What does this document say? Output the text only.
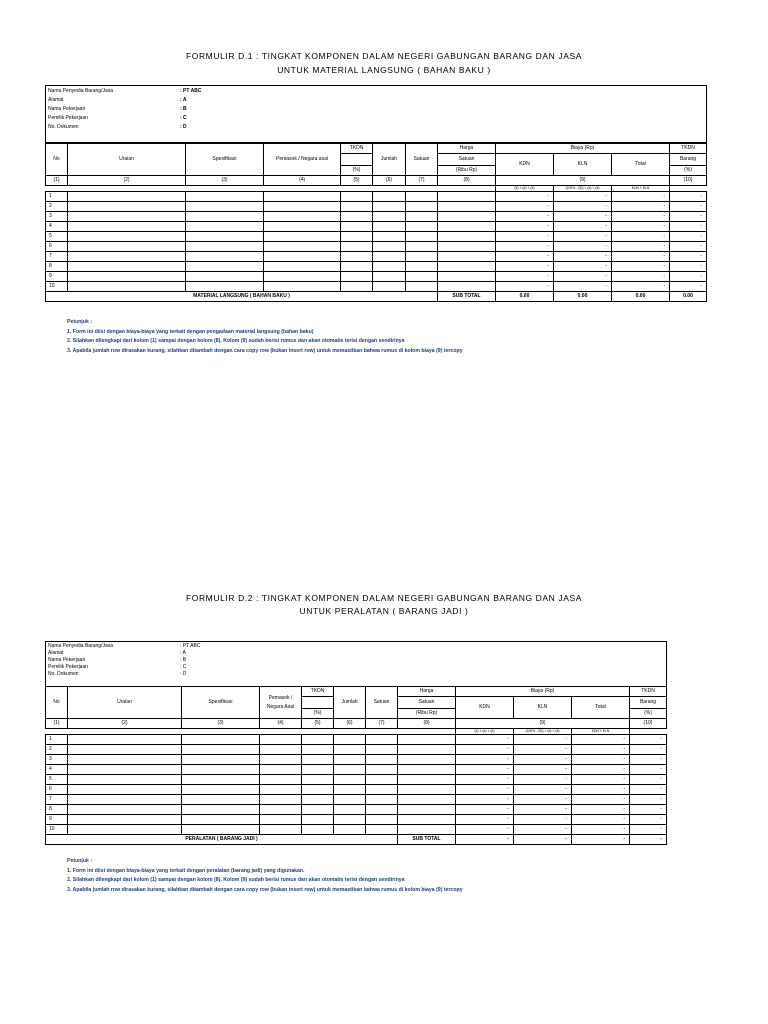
FORMULIR D.1 : TINGKAT KOMPONEN DALAM NEGERI GABUNGAN BARANG DAN JASA
UNTUK MATERIAL LANGSUNG ( BAHAN BAKU )
Nama Penyedia Barang/Jasa	: PT ABC
Alamat	: A
Nama Pekerjaan	: B
Pemilik Pekerjaan	: C
No. Dokumen	: D
No	Uraian	Spesifikasi	Pemasok / Negara asal	TKDN	Jumlah	Satuan	Harga	Biaya (Rp)			TKDN
							Satuan	KDN	KLN	Total	Barang
				(%)			(Ribu Rp)				(%)
(1)	(2)	(3)	(4)	(5)	(6)	(7)	(8)	(9)			(10)
								(5) × (6) × (8)	(100% - (5)) × (6) × (8)	KDN + KLN	
1								-	-	-	-
2								-	-	-	-
3								-	-	-	-
4								-	-	-	-
5								-	-	-	-
6								-	-	-	-
7								-	-	-	-
8								-	-	-	-
9								-	-	-	-
10								-	-	-	-
MATERIAL LANGSUNG ( BAHAN BAKU )							SUB TOTAL	0.00	0.00	0.00	0.00
Petunjuk :
1. Form ini diisi dengan biaya-biaya yang terkait dengan pengadaan material langsung (bahan baku)
2. Silahkan dilengkapi dari kolom (1) sampai dengan kolom (8). Kolom (9) sudah berisi rumus dan akan otomatis terisi dengan sendirinya
3. Apabila jumlah row dirasakan kurang, silahkan ditambah dengan cara copy row (bukan insert row) untuk memastikan bahwa rumus di kolom biaya (9) tercopy
FORMULIR D.2 : TINGKAT KOMPONEN DALAM NEGERI GABUNGAN BARANG DAN JASA
UNTUK PERALATAN ( BARANG JADI )
Nama Penyedia Barang/Jasa	: PT ABC
Alamat	: A
Nama Pekerjaan	: B
Pemilik Pekerjaan	: C
No. Dokumen	: D
No	Uraian	Spesifikasi	Pemasok /
Negara Asal	TKDN	Jumlah	Satuan	Harga	Biaya (Rp)			TKDN
							Satuan	KDN	KLN	Total	Barang
				(%)			(Ribu Rp)				(%)
(1)	(2)	(3)	(4)	(5)	(6)	(7)	(8)	(9)			(10)
								(5) × (6) × (8)	(100% - (5)) × (6) × (8)	KDN + KLN	
1								-	-	-	-
2								-	-	-	-
3								-	-	-	-
4								-	-	-	-
5								-	-	-	-
6								-	-	-	-
7								-	-	-	-
8								-	-	-	-
9								-	-	-	-
10								-	-	-	-
PERALATAN ( BARANG JADI )							SUB TOTAL	-	-	-	-
Petunjuk :
1. Form ini diisi dengan biaya-biaya yang terkait dengan peralatan (barang jadi) yang digunakan.
2. Silahkan dilengkapi dari kolom (1) sampai dengan kolom (8). Kolom (9) sudah berisi rumus dan akan otomatis terisi dengan sendirinya
3. Apabila jumlah row dirasakan kurang, silahkan ditambah dengan cara copy row (bukan insert row) untuk memastikan bahwa rumus di kolom biaya (9) tercopy
